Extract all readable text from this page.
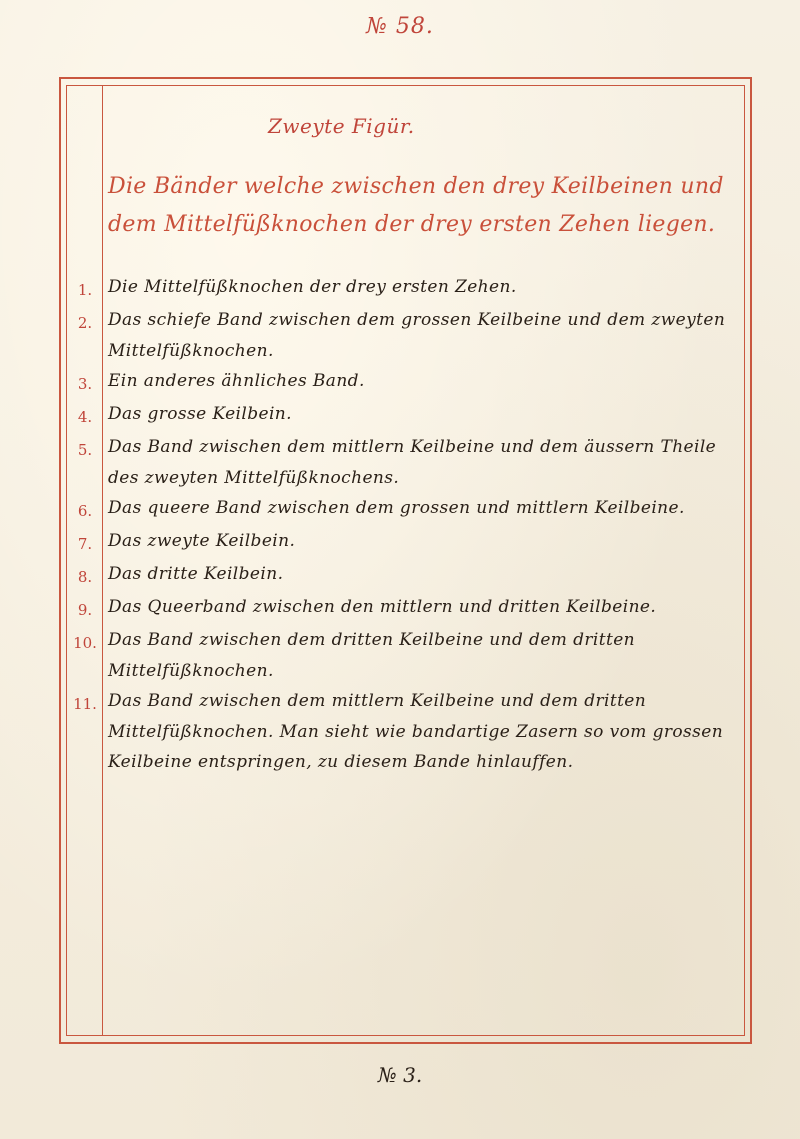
№ 58.
Zweyte Figür.
Die Bänder welche zwischen den drey Keilbeinen und dem Mittelfüßknochen der drey ersten Zehen liegen.
1. Die Mittelfüßknochen der drey ersten Zehen.
2. Das schiefe Band zwischen dem grossen Keilbeine und dem zweyten Mittelfüßknochen.
3. Ein anderes ähnliches Band.
4. Das grosse Keilbein.
5. Das Band zwischen dem mittlern Keilbeine und dem äussern Theile des zweyten Mittelfüßknochens.
6. Das queere Band zwischen dem grossen und mittlern Keilbeine.
7. Das zweyte Keilbein.
8. Das dritte Keilbein.
9. Das Queerband zwischen den mittlern und dritten Keilbeine.
10. Das Band zwischen dem dritten Keilbeine und dem dritten Mittelfüßknochen.
11. Das Band zwischen dem mittlern Keilbeine und dem dritten Mittelfüßknochen. Man sieht wie bandartige Zasern so vom grossen Keilbeine entspringen, zu diesem Bande hinlauffen.
№ 3.
